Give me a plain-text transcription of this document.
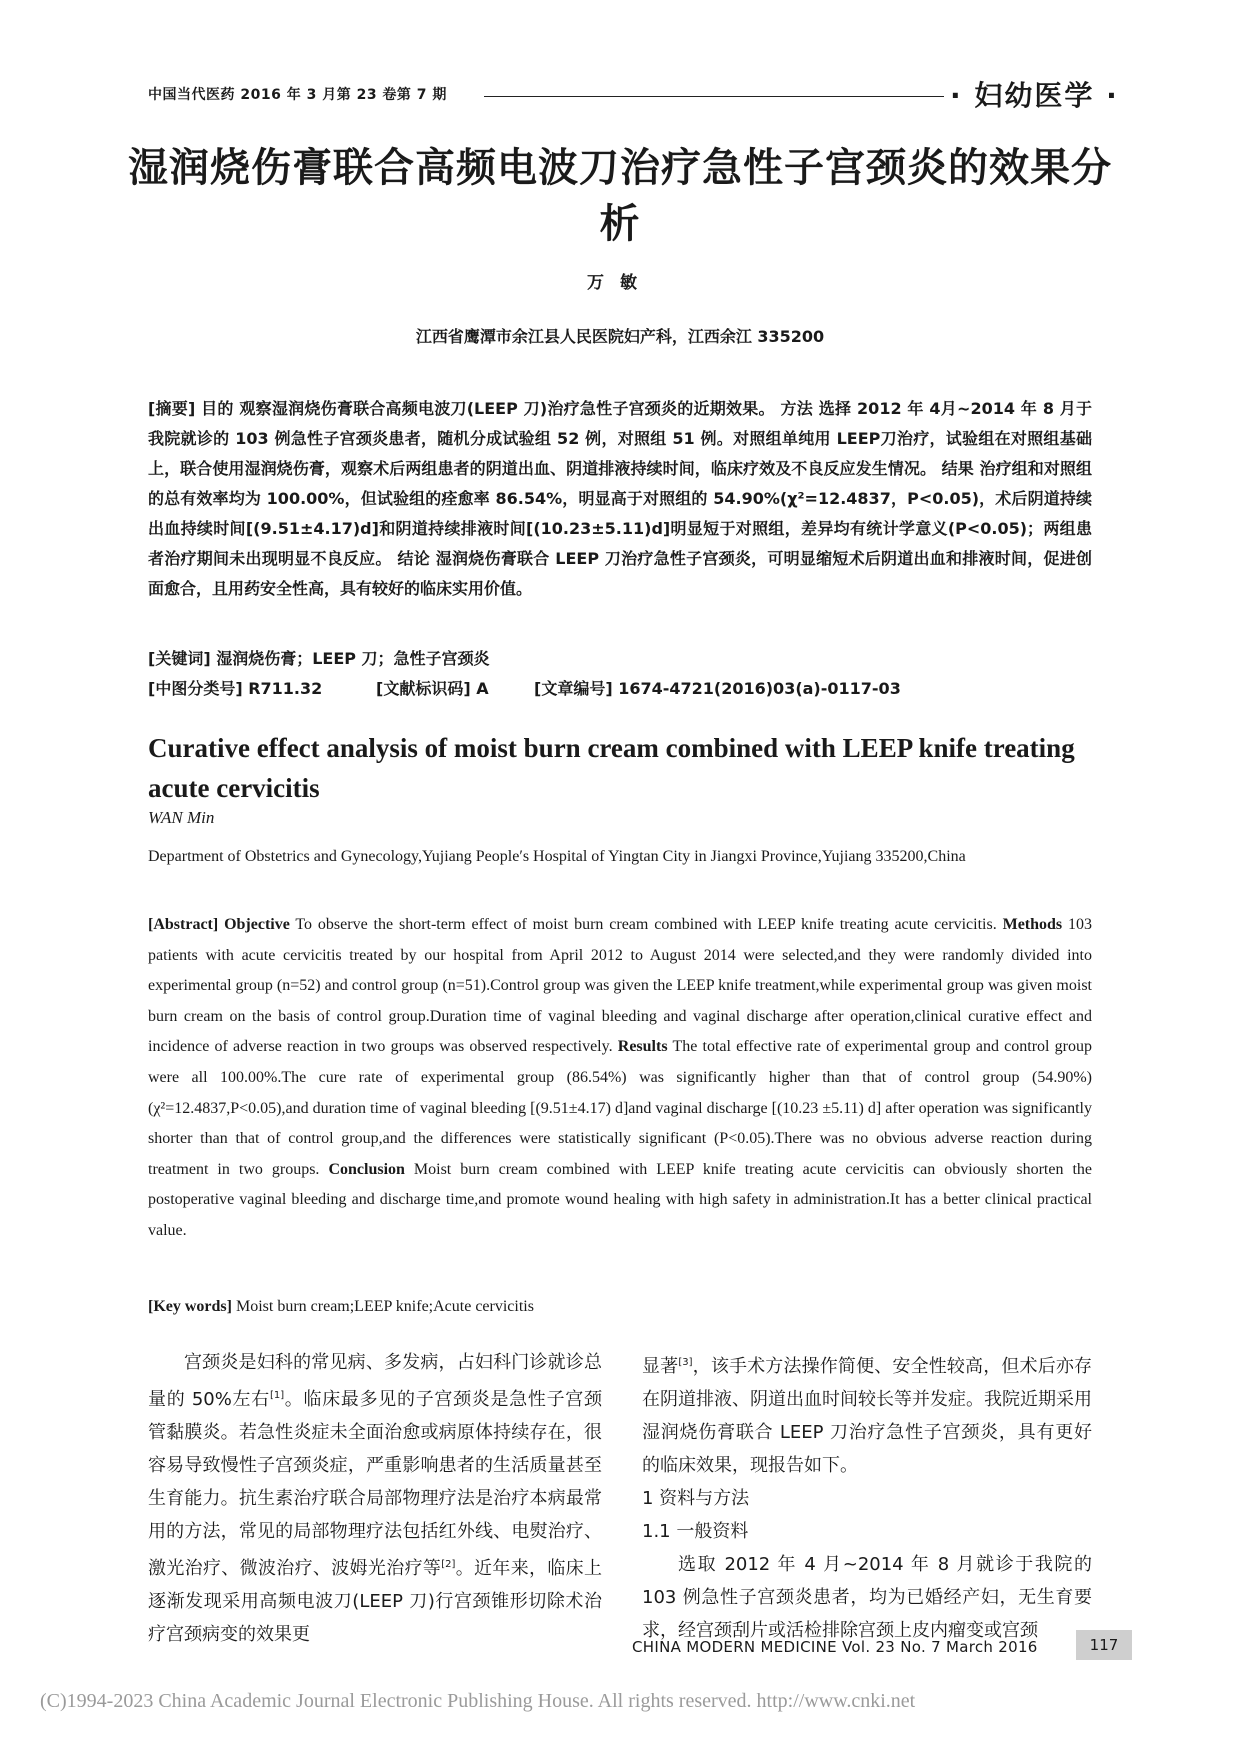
中国当代医药 2016 年 3 月第 23 卷第 7 期	· 妇幼医学 ·
湿润烧伤膏联合高频电波刀治疗急性子宫颈炎的效果分析
万敏
江西省鹰潭市余江县人民医院妇产科，江西余江 335200
[摘要] 目的 观察湿润烧伤膏联合高频电波刀(LEEP 刀)治疗急性子宫颈炎的近期效果。 方法 选择 2012 年 4月~2014 年 8 月于我院就诊的 103 例急性子宫颈炎患者，随机分成试验组 52 例，对照组 51 例。对照组单纯用 LEEP刀治疗，试验组在对照组基础上，联合使用湿润烧伤膏，观察术后两组患者的阴道出血、阴道排液持续时间，临床疗效及不良反应发生情况。 结果 治疗组和对照组的总有效率均为 100.00%，但试验组的痊愈率 86.54%，明显高于对照组的 54.90%(χ²=12.4837，P<0.05)，术后阴道持续出血持续时间[(9.51±4.17)d]和阴道持续排液时间[(10.23±5.11)d]明显短于对照组，差异均有统计学意义(P<0.05)；两组患者治疗期间未出现明显不良反应。 结论 湿润烧伤膏联合 LEEP 刀治疗急性子宫颈炎，可明显缩短术后阴道出血和排液时间，促进创面愈合，且用药安全性高，具有较好的临床实用价值。
[关键词] 湿润烧伤膏；LEEP 刀；急性子宫颈炎
[中图分类号] R711.32	[文献标识码] A	[文章编号] 1674-4721(2016)03(a)-0117-03
Curative effect analysis of moist burn cream combined with LEEP knife treating acute cervicitis
WAN Min
Department of Obstetrics and Gynecology,Yujiang People′s Hospital of Yingtan City in Jiangxi Province,Yujiang 335200,China
[Abstract] Objective To observe the short-term effect of moist burn cream combined with LEEP knife treating acute cervicitis. Methods 103 patients with acute cervicitis treated by our hospital from April 2012 to August 2014 were selected,and they were randomly divided into experimental group (n=52) and control group (n=51).Control group was given the LEEP knife treatment,while experimental group was given moist burn cream on the basis of control group.Duration time of vaginal bleeding and vaginal discharge after operation,clinical curative effect and incidence of adverse reaction in two groups was observed respectively. Results The total effective rate of experimental group and control group were all 100.00%.The cure rate of experimental group (86.54%) was significantly higher than that of control group (54.90%) (χ²=12.4837,P<0.05),and duration time of vaginal bleeding [(9.51±4.17) d]and vaginal discharge [(10.23 ±5.11) d] after operation was significantly shorter than that of control group,and the differences were statistically significant (P<0.05).There was no obvious adverse reaction during treatment in two groups. Conclusion Moist burn cream combined with LEEP knife treating acute cervicitis can obviously shorten the postoperative vaginal bleeding and discharge time,and promote wound healing with high safety in administration.It has a better clinical practical value.
[Key words] Moist burn cream;LEEP knife;Acute cervicitis

宫颈炎是妇科的常见病、多发病，占妇科门诊就诊总量的 50%左右[1]。临床最多见的子宫颈炎是急性子宫颈管黏膜炎。若急性炎症未全面治愈或病原体持续存在，很容易导致慢性子宫颈炎症，严重影响患者的生活质量甚至生育能力。抗生素治疗联合局部物理疗法是治疗本病最常用的方法，常见的局部物理疗法包括红外线、电熨治疗、激光治疗、微波治疗、波姆光治疗等[2]。近年来，临床上逐渐发现采用高频电波刀(LEEP 刀)行宫颈锥形切除术治疗宫颈病变的效果更

显著[3]，该手术方法操作简便、安全性较高，但术后亦存在阴道排液、阴道出血时间较长等并发症。我院近期采用湿润烧伤膏联合 LEEP 刀治疗急性子宫颈炎，具有更好的临床效果，现报告如下。

1 资料与方法

1.1 一般资料

选取 2012 年 4 月~2014 年 8 月就诊于我院的 103 例急性子宫颈炎患者，均为已婚经产妇，无生育要求，经宫颈刮片或活检排除宫颈上皮内瘤变或宫颈

CHINA MODERN MEDICINE Vol. 23 No. 7 March 2016	117
(C)1994-2023 China Academic Journal Electronic Publishing House. All rights reserved. http://www.cnki.net
